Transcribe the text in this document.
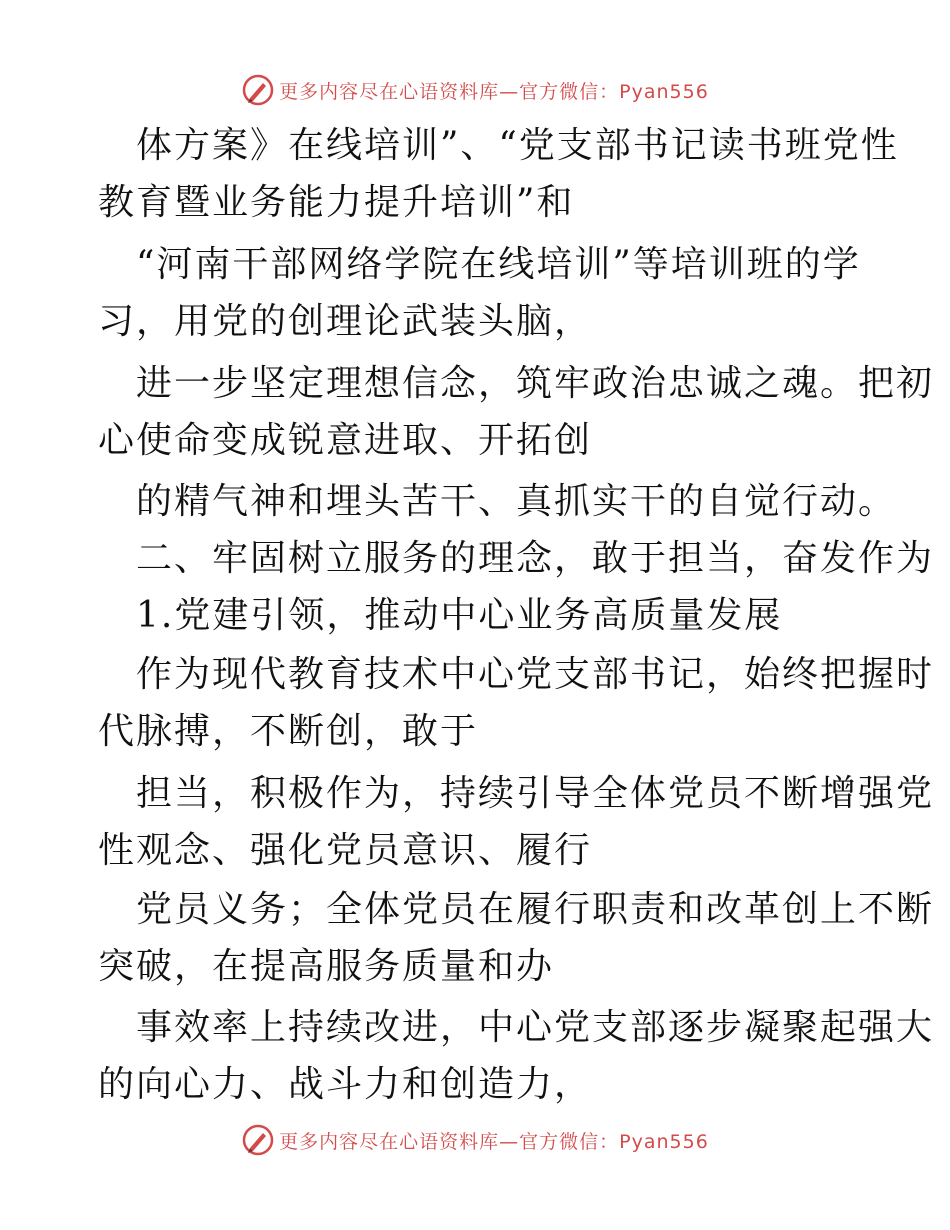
更多内容尽在心语资料库—官方微信：Pyan556

体方案》在线培训”、“党支部书记读书班党性

教育暨业务能力提升培训”和

“河南干部网络学院在线培训”等培训班的学

习，用党的创理论武装头脑，

进一步坚定理想信念，筑牢政治忠诚之魂。把初

心使命变成锐意进取、开拓创

的精气神和埋头苦干、真抓实干的自觉行动。

二、牢固树立服务的理念，敢于担当，奋发作为

1.党建引领，推动中心业务高质量发展

作为现代教育技术中心党支部书记，始终把握时

代脉搏，不断创，敢于

担当，积极作为，持续引导全体党员不断增强党

性观念、强化党员意识、履行

党员义务；全体党员在履行职责和改革创上不断

突破，在提高服务质量和办

事效率上持续改进，中心党支部逐步凝聚起强大

的向心力、战斗力和创造力，

更多内容尽在心语资料库—官方微信：Pyan556
